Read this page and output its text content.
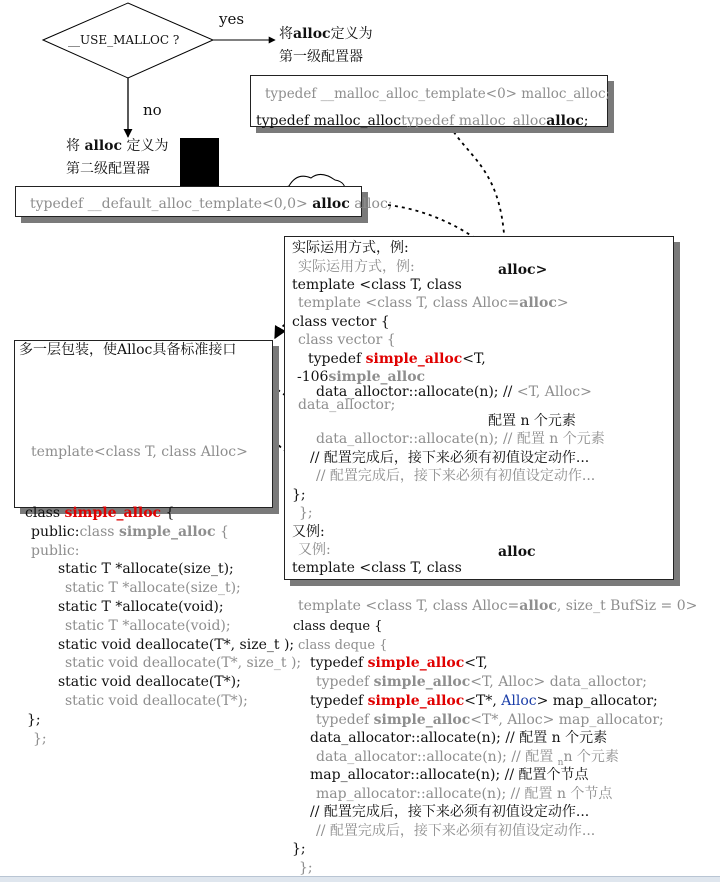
__USE_MALLOC ?
yes
no
将alloc定义为
第一级配置器
typedef __malloc_alloc_template<0> malloc_alloc;
typedef malloc_alloctypedef malloc_allocalloc;
将 alloc 定义为
第二级配置器
typedef __default_alloc_template<0,0> alloc alloc;
实际运用方式，例:
实际运用方式，例:	alloc>
template <class T, class
template <class T, class Alloc=alloc>
class vector {
class vector {
typedef simple_alloc<T,
-106simple_alloc
data_alloctor::allocate(n); // <T, Alloc>
data_alloctor;
配置 n 个元素
data_alloctor::allocate(n); // 配置 n 个元素
// 配置完成后，接下来必须有初值设定动作...
// 配置完成后，接下来必须有初值设定动作...
};
};
又例:
又例:	alloc
template <class T, class
多一层包装，使Alloc具备标准接口
template<class T, class Alloc>
class simple_alloc {
public:class simple_alloc {
public:
static T *allocate(size_t);
static T *allocate(size_t);
static T *allocate(void);
static T *allocate(void);
static void deallocate(T*, size_t );
static void deallocate(T*, size_t );
static void deallocate(T*);
static void deallocate(T*);
};
};
template <class T, class Alloc=alloc, size_t BufSiz = 0>
class deque {
class deque {
typedef simple_alloc<T,
typedef simple_alloc<T, Alloc> data_alloctor;
typedef simple_alloc<T*, Alloc> map_allocator;
typedef simple_alloc<T*, Alloc> map_allocator;
data_allocator::allocate(n); // 配置 n 个元素
data_allocator::allocate(n); // 配置 $_n$n 个元素
map_allocator::allocate(n); // 配置个节点
map_allocator::allocate(n); // 配置 n 个节点
// 配置完成后，接下来必须有初值设定动作...
// 配置完成后，接下来必须有初值设定动作...
};
};
